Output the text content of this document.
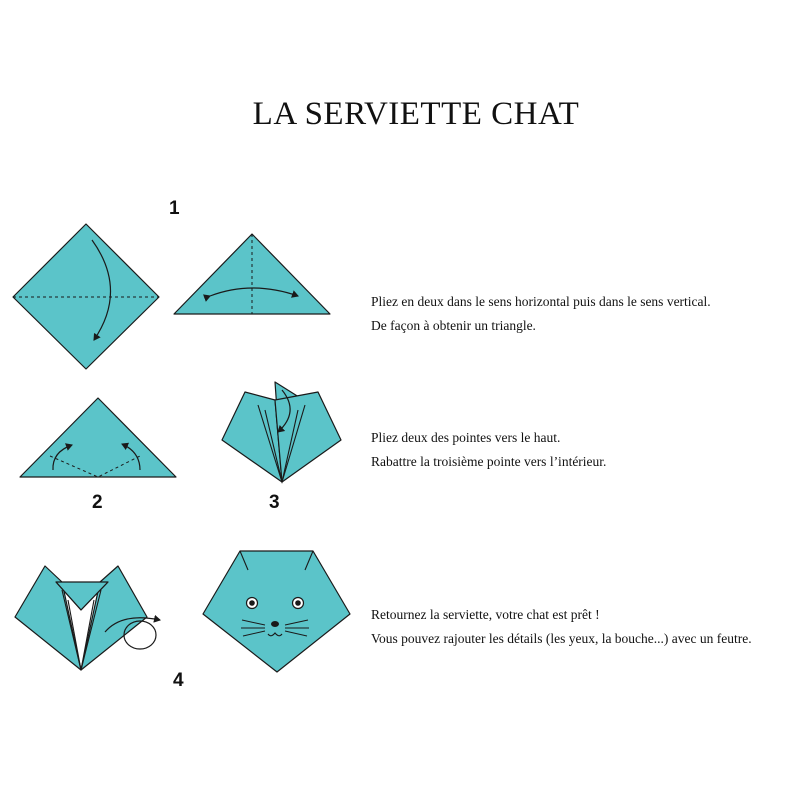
LA SERVIETTE CHAT
1
2	3
4
Pliez en deux dans le sens horizontal puis dans le sens vertical.
De façon à obtenir un triangle.
Pliez deux des pointes vers le haut.
Rabattre la troisième pointe vers l’intérieur.
Retournez la serviette, votre chat est prêt !
Vous pouvez rajouter les détails (les yeux, la bouche...) avec un feutre.
